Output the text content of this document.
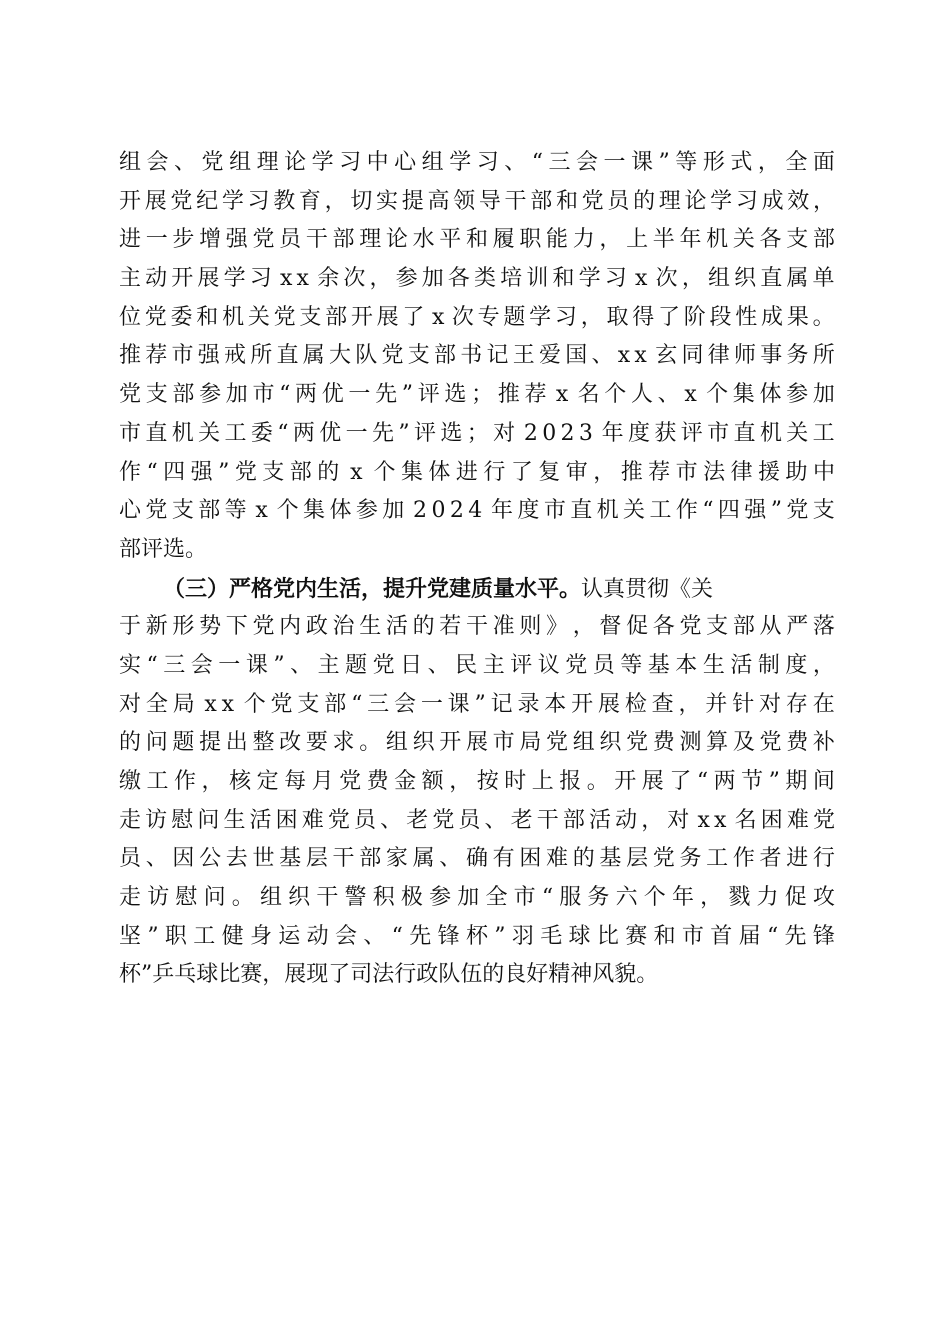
组 会 、 党 组 理 论 学 习 中 心 组 学 习 、 “ 三 会 一 课 ” 等 形 式 ， 全 面
开 展 党 纪 学 习 教 育 ， 切 实 提 高 领 导 干 部 和 党 员 的 理 论 学 习 成 效 ，
进 一 步 增 强 党 员 干 部 理 论 水 平 和 履 职 能 力 ， 上 半 年 机 关 各 支 部
主 动 开 展 学 习 x x 余 次 ， 参 加 各 类 培 训 和 学 习 x 次 ， 组 织 直 属 单
位 党 委 和 机 关 党 支 部 开 展 了 x 次 专 题 学 习 ， 取 得 了 阶 段 性 成 果 。
推 荐 市 强 戒 所 直 属 大 队 党 支 部 书 记 王 爱 国 、 x x 玄 同 律 师 事 务 所
党 支 部 参 加 市 “ 两 优 一 先 ” 评 选 ； 推 荐 x 名 个 人 、 x 个 集 体 参 加
市 直 机 关 工 委 “ 两 优 一 先 ” 评 选 ； 对 2 0 2 3 年 度 获 评 市 直 机 关 工
作 “ 四 强 ” 党 支 部 的 x 个 集 体 进 行 了 复 审 ， 推 荐 市 法 律 援 助 中
心 党 支 部 等 x 个 集 体 参 加 2 0 2 4 年 度 市 直 机 关 工 作 “ 四 强 ” 党 支
部评选。
（三）严格党内生活，提升党建质量水平。认真贯彻《关
于 新 形 势 下 党 内 政 治 生 活 的 若 干 准 则 》 ， 督 促 各 党 支 部 从 严 落
实 “ 三 会 一 课 ” 、 主 题 党 日 、 民 主 评 议 党 员 等 基 本 生 活 制 度 ，
对 全 局 x x 个 党 支 部 “ 三 会 一 课 ” 记 录 本 开 展 检 查 ， 并 针 对 存 在
的 问 题 提 出 整 改 要 求 。 组 织 开 展 市 局 党 组 织 党 费 测 算 及 党 费 补
缴 工 作 ， 核 定 每 月 党 费 金 额 ， 按 时 上 报 。 开 展 了 “ 两 节 ” 期 间
走 访 慰 问 生 活 困 难 党 员 、 老 党 员 、 老 干 部 活 动 ， 对 x x 名 困 难 党
员 、 因 公 去 世 基 层 干 部 家 属 、 确 有 困 难 的 基 层 党 务 工 作 者 进 行
走 访 慰 问 。 组 织 干 警 积 极 参 加 全 市 “ 服 务 六 个 年 ， 戮 力 促 攻
坚 ” 职 工 健 身 运 动 会 、 “ 先 锋 杯 ” 羽 毛 球 比 赛 和 市 首 届 “ 先 锋
杯”乒乓球比赛，展现了司法行政队伍的良好精神风貌。
